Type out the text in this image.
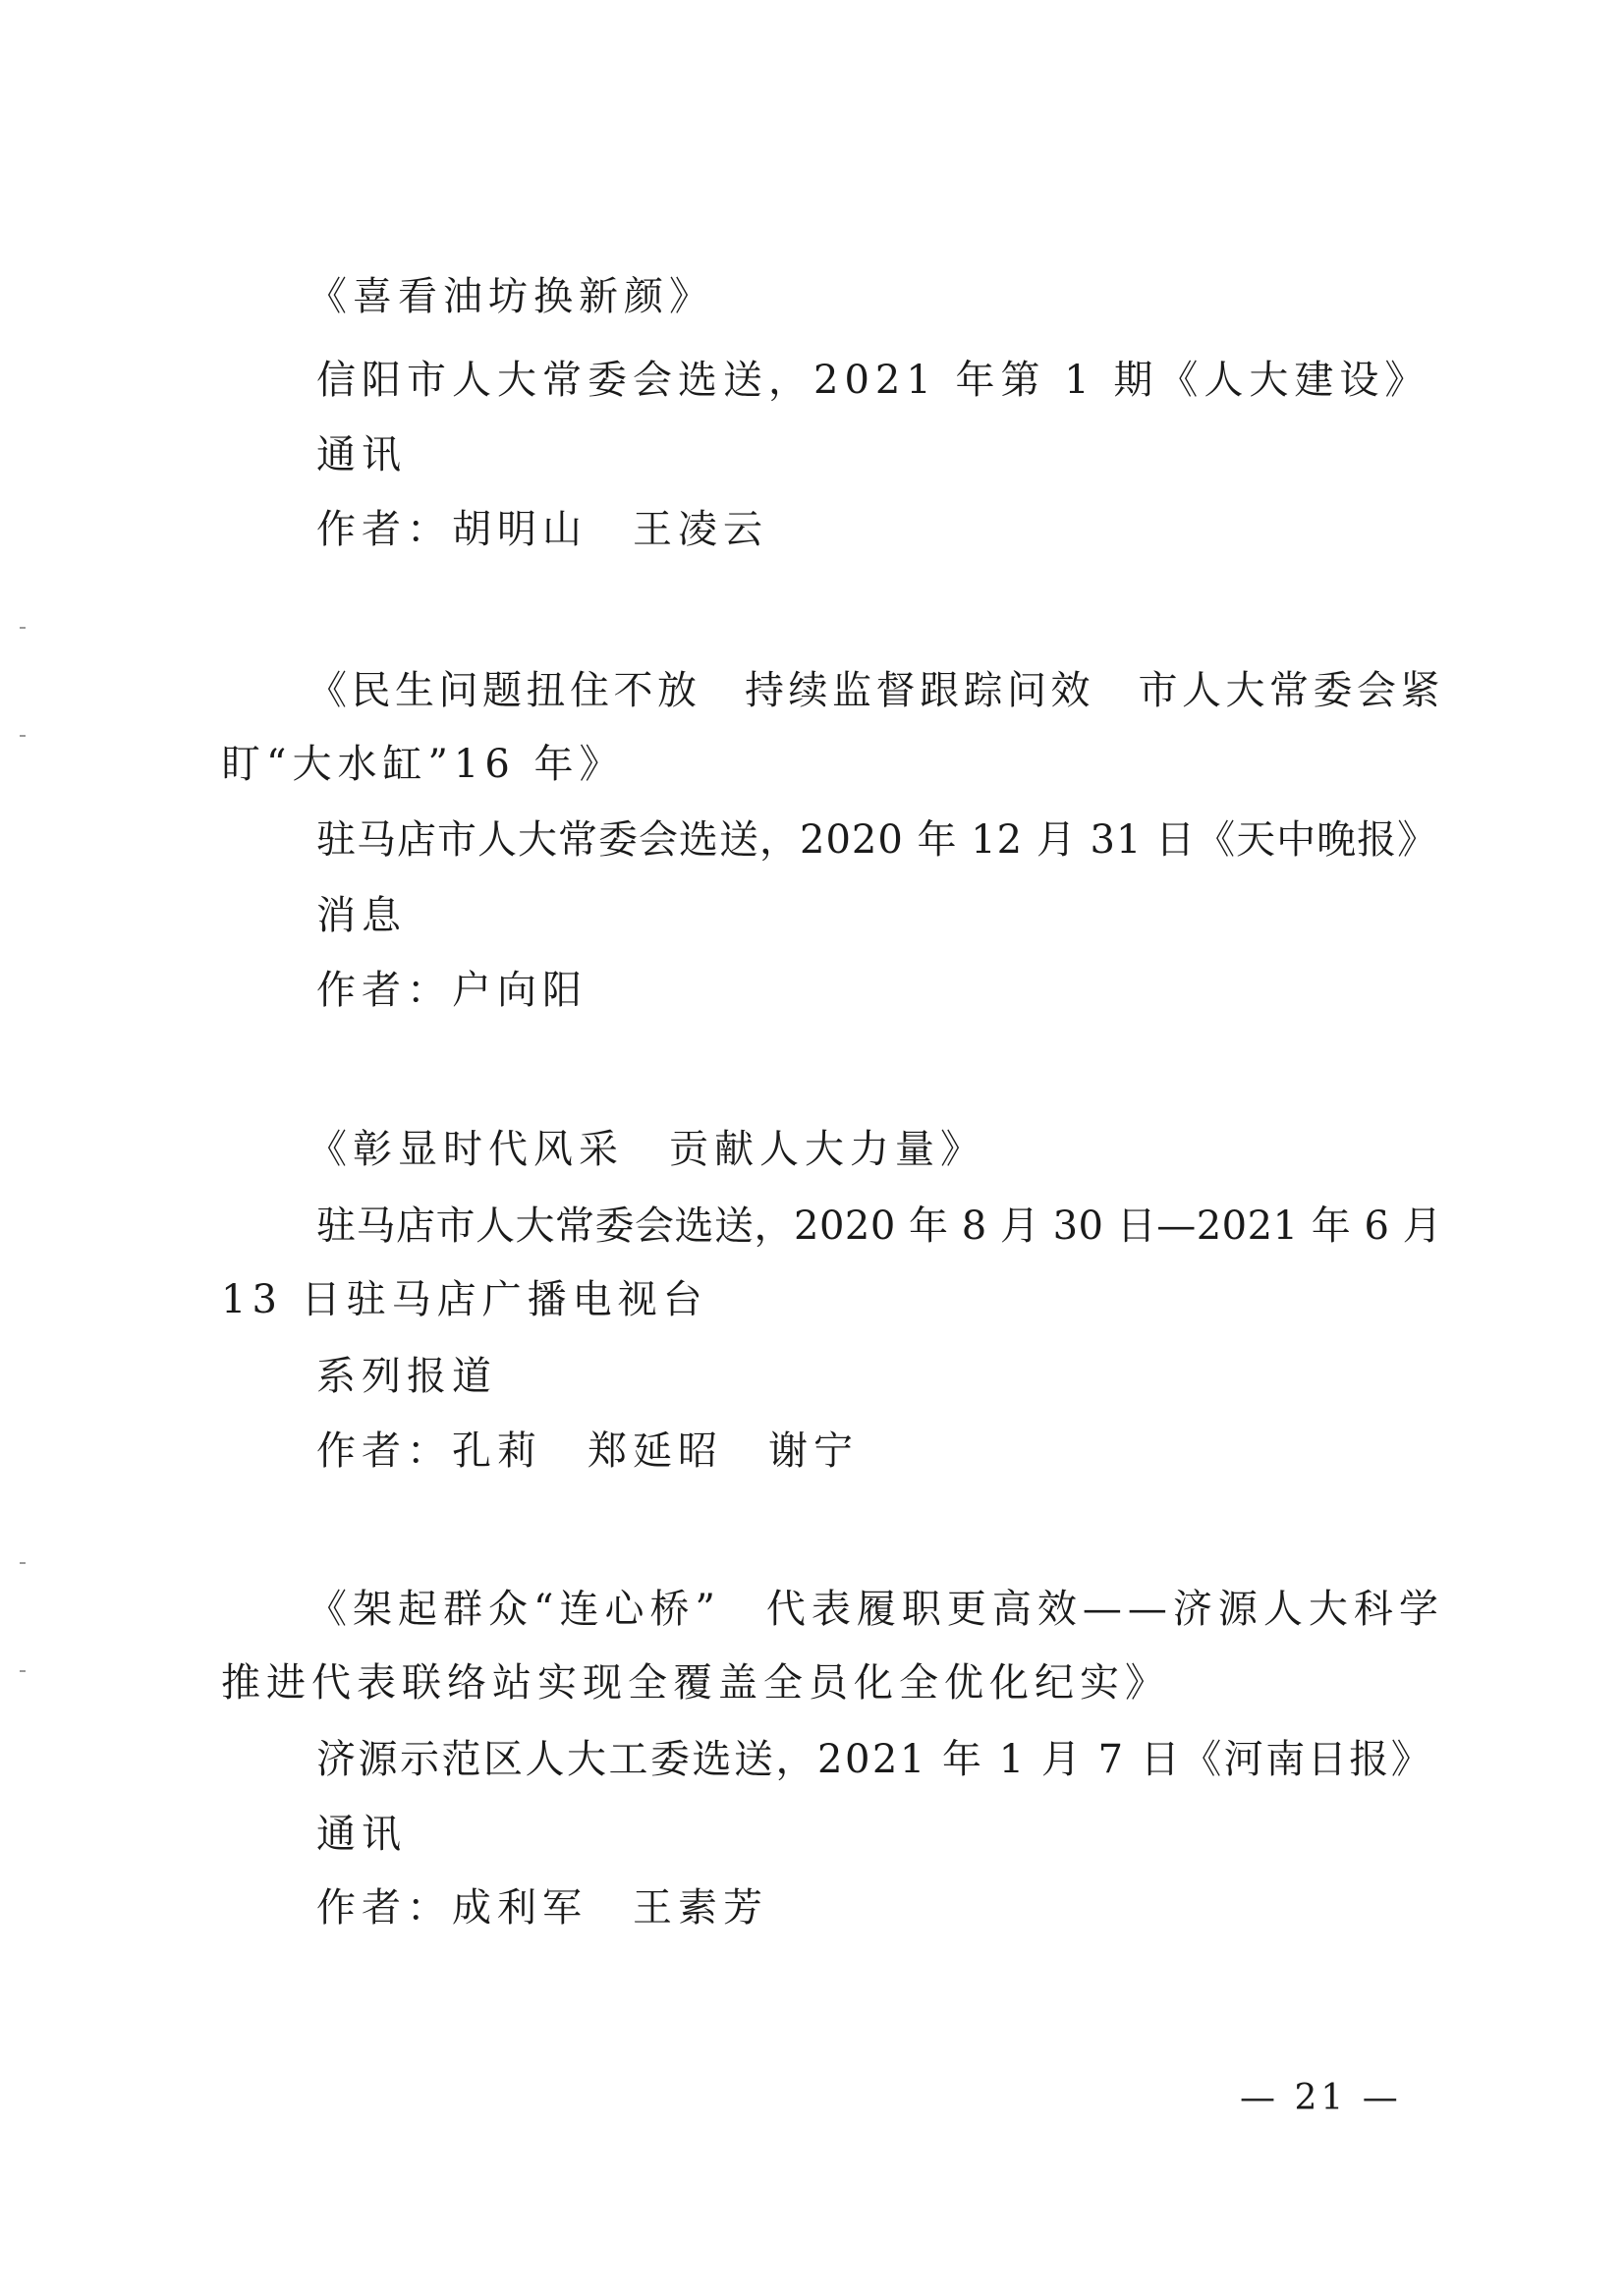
《喜看油坊换新颜》
信阳市人大常委会选送，2021 年第 1 期《人大建设》
通讯
作者：胡明山　王凌云
《民生问题扭住不放　持续监督跟踪问效　市人大常委会紧
盯“大水缸”16 年》
驻马店市人大常委会选送，2020 年 12 月 31 日《天中晚报》
消息
作者：户向阳
《彰显时代风采　贡献人大力量》
驻马店市人大常委会选送，2020 年 8 月 30 日—2021 年 6 月
13 日驻马店广播电视台
系列报道
作者：孔莉　郑延昭　谢宁
《架起群众“连心桥”　代表履职更高效——济源人大科学
推进代表联络站实现全覆盖全员化全优化纪实》
济源示范区人大工委选送，2021 年 1 月 7 日《河南日报》
通讯
作者：成利军　王素芳
— 21 —
